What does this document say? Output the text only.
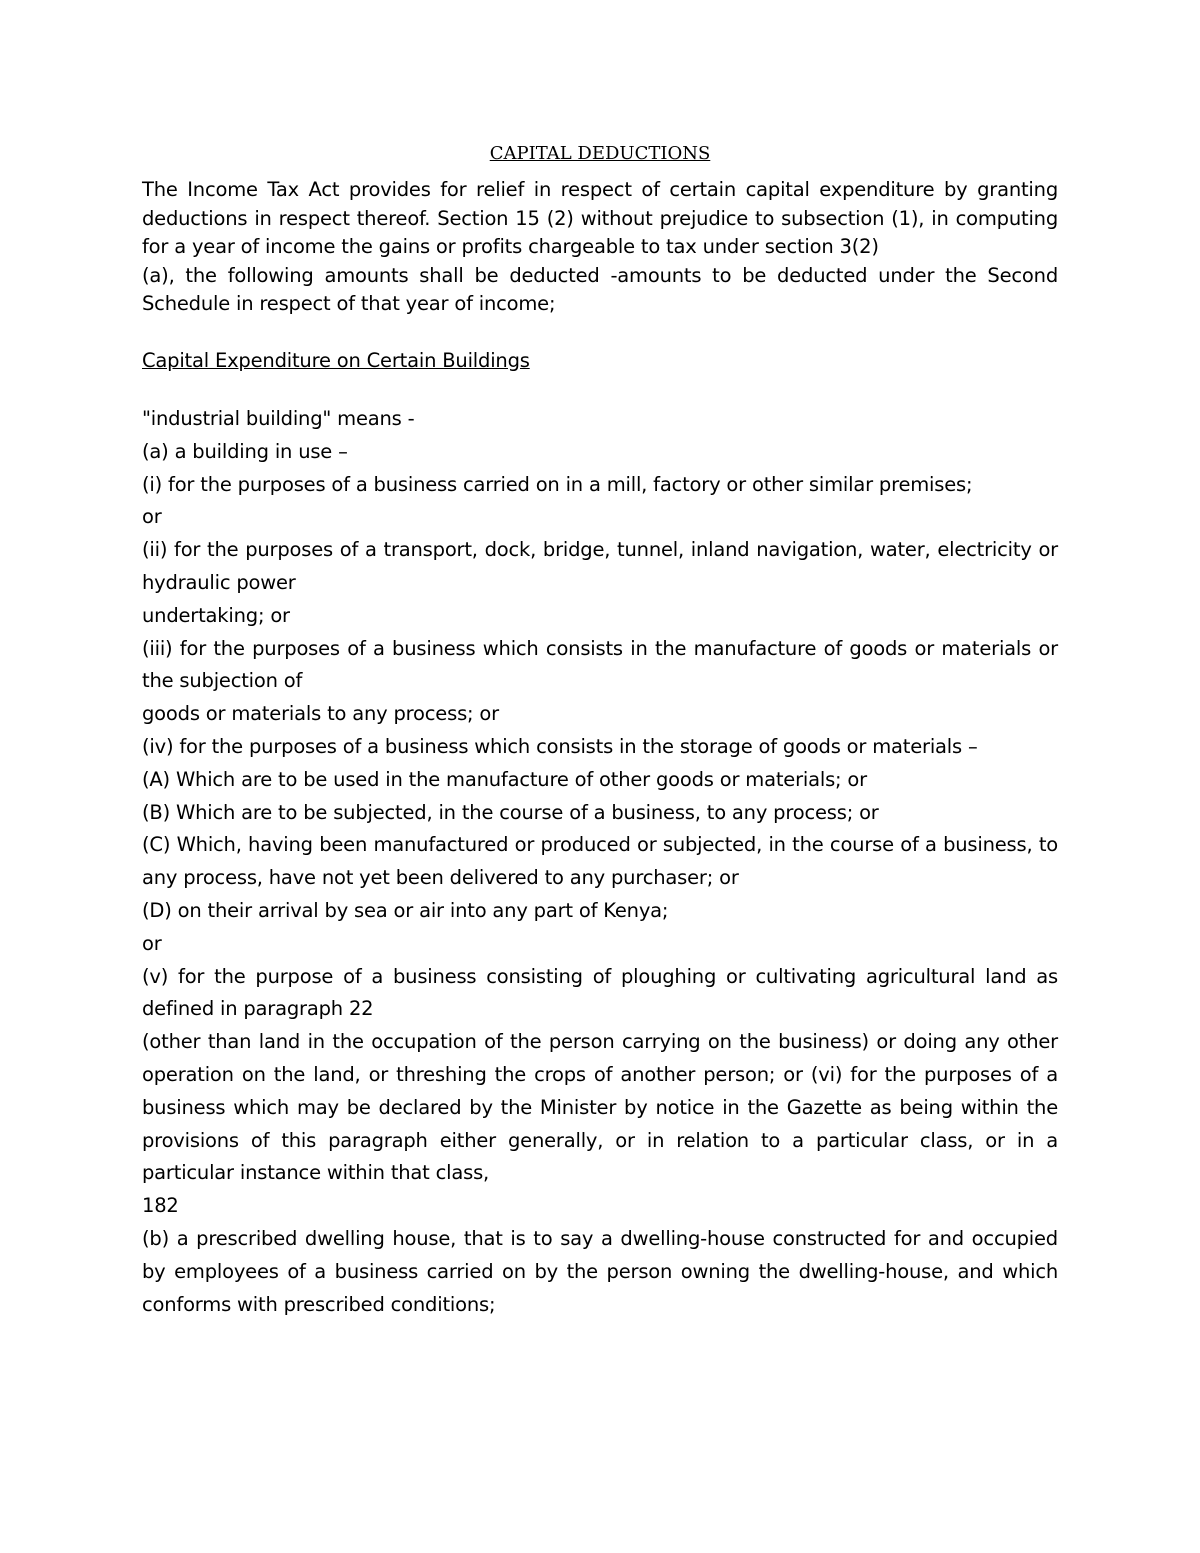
CAPITAL DEDUCTIONS

The Income Tax Act provides for relief in respect of certain capital expenditure by granting deductions in respect thereof. Section 15 (2) without prejudice to subsection (1), in computing for a year of income the gains or profits chargeable to tax under section 3(2)

(a), the following amounts shall be deducted -amounts to be deducted under the Second Schedule in respect of that year of income;

Capital Expenditure on Certain Buildings

"industrial building" means -

(a) a building in use –

(i) for the purposes of a business carried on in a mill, factory or other similar premises;

or

(ii) for the purposes of a transport, dock, bridge, tunnel, inland navigation, water, electricity or hydraulic power

undertaking; or

(iii) for the purposes of a business which consists in the manufacture of goods or materials or the subjection of

goods or materials to any process; or

(iv) for the purposes of a business which consists in the storage of goods or materials –

(A) Which are to be used in the manufacture of other goods or materials; or

(B) Which are to be subjected, in the course of a business, to any process; or

(C) Which, having been manufactured or produced or subjected, in the course of a business, to any process, have not yet been delivered to any purchaser; or

(D) on their arrival by sea or air into any part of Kenya;

or

(v) for the purpose of a business consisting of ploughing or cultivating agricultural land as defined in paragraph 22

(other than land in the occupation of the person carrying on the business) or doing any other operation on the land, or threshing the crops of another person; or (vi) for the purposes of a business which may be declared by the Minister by notice in the Gazette as being within the provisions of this paragraph either generally, or in relation to a particular class, or in a particular instance within that class,

182

(b) a prescribed dwelling house, that is to say a dwelling-house constructed for and occupied by employees of a business carried on by the person owning the dwelling-house, and which conforms with prescribed conditions;
